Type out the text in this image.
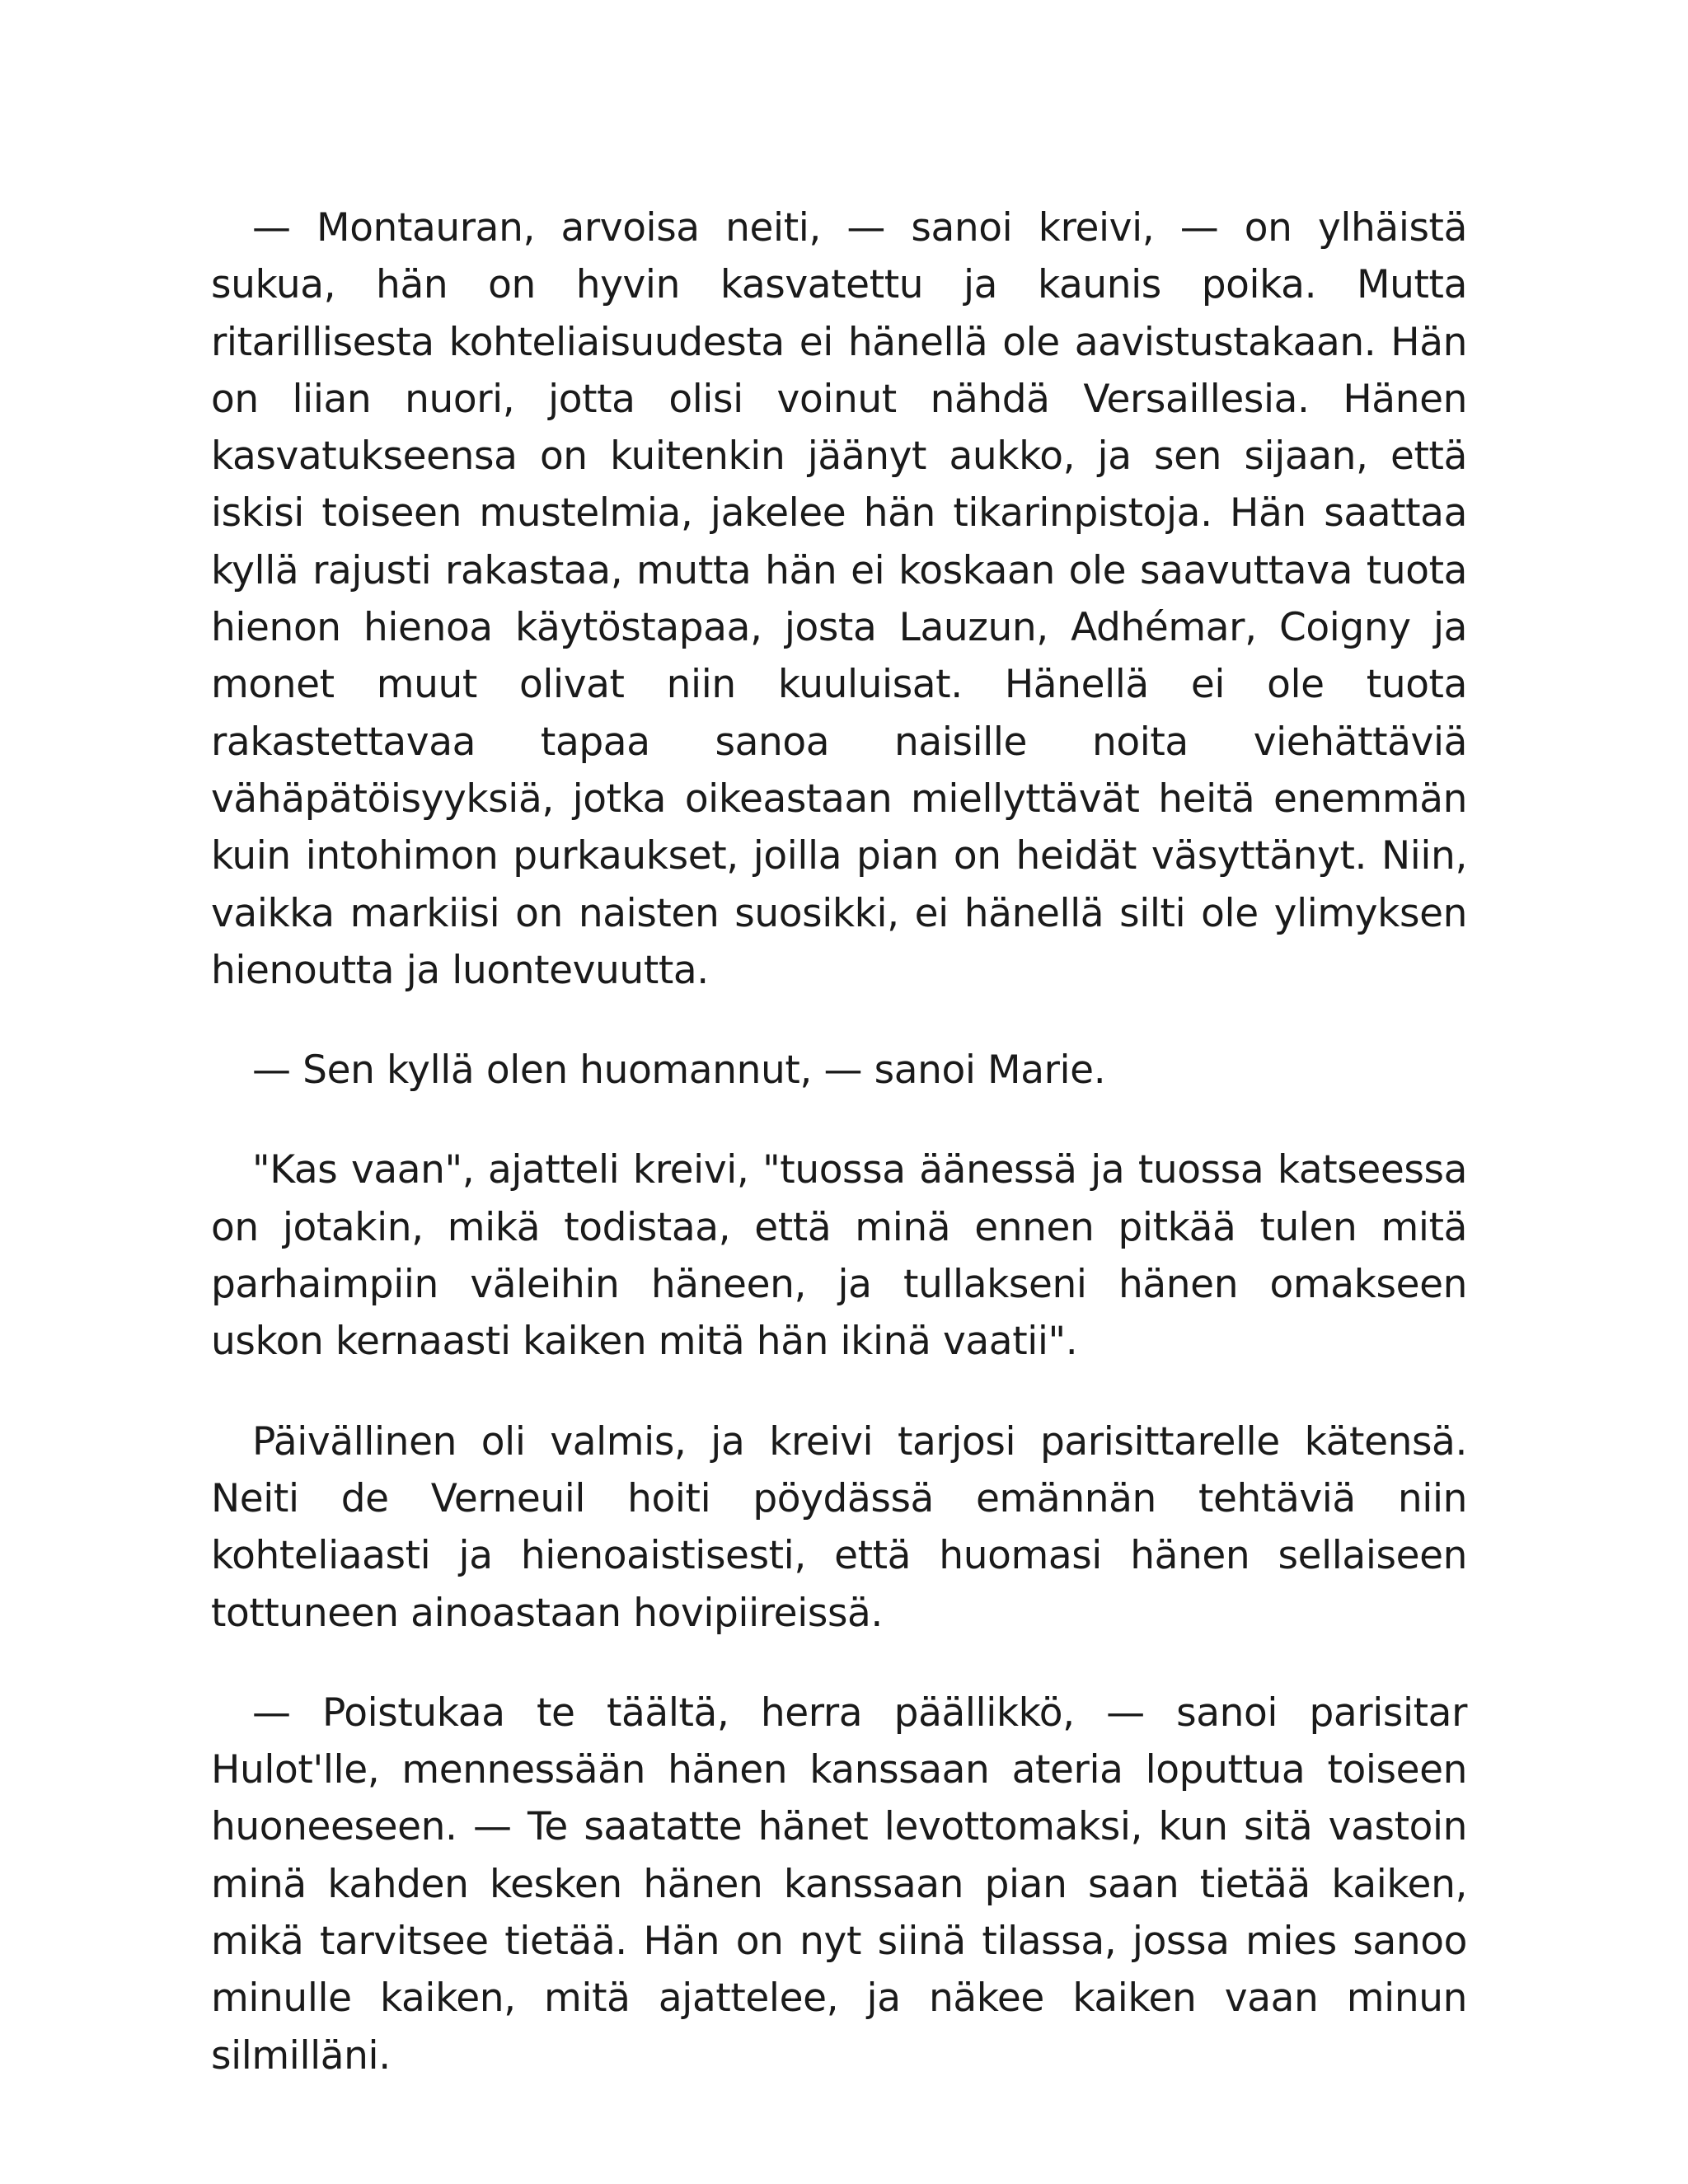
— Montauran, arvoisa neiti, — sanoi kreivi, — on ylhäistä sukua, hän on hyvin kasvatettu ja kaunis poika. Mutta ritarillisesta kohteliaisuudesta ei hänellä ole aavistustakaan. Hän on liian nuori, jotta olisi voinut nähdä Versaillesia. Hänen kasvatukseensa on kuitenkin jäänyt aukko, ja sen sijaan, että iskisi toiseen mustelmia, jakelee hän tikarinpistoja. Hän saattaa kyllä rajusti rakastaa, mutta hän ei koskaan ole saavuttava tuota hienon hienoa käytöstapaa, josta Lauzun, Adhémar, Coigny ja monet muut olivat niin kuuluisat. Hänellä ei ole tuota rakastettavaa tapaa sanoa naisille noita viehättäviä vähäpätöisyyksiä, jotka oikeastaan miellyttävät heitä enemmän kuin intohimon purkaukset, joilla pian on heidät väsyttänyt. Niin, vaikka markiisi on naisten suosikki, ei hänellä silti ole ylimyksen hienoutta ja luontevuutta.

— Sen kyllä olen huomannut, — sanoi Marie.

"Kas vaan", ajatteli kreivi, "tuossa äänessä ja tuossa katseessa on jotakin, mikä todistaa, että minä ennen pitkää tulen mitä parhaimpiin väleihin häneen, ja tullakseni hänen omakseen uskon kernaasti kaiken mitä hän ikinä vaatii".

Päivällinen oli valmis, ja kreivi tarjosi parisittarelle kätensä. Neiti de Verneuil hoiti pöydässä emännän tehtäviä niin kohteliaasti ja hienoaistisesti, että huomasi hänen sellaiseen tottuneen ainoastaan hovipiireissä.

— Poistukaa te täältä, herra päällikkö, — sanoi parisitar Hulot'lle, mennessään hänen kanssaan ateria loputtua toiseen huoneeseen. — Te saatatte hänet levottomaksi, kun sitä vastoin minä kahden kesken hänen kanssaan pian saan tietää kaiken, mikä tarvitsee tietää. Hän on nyt siinä tilassa, jossa mies sanoo minulle kaiken, mitä ajattelee, ja näkee kaiken vaan minun silmilläni.
